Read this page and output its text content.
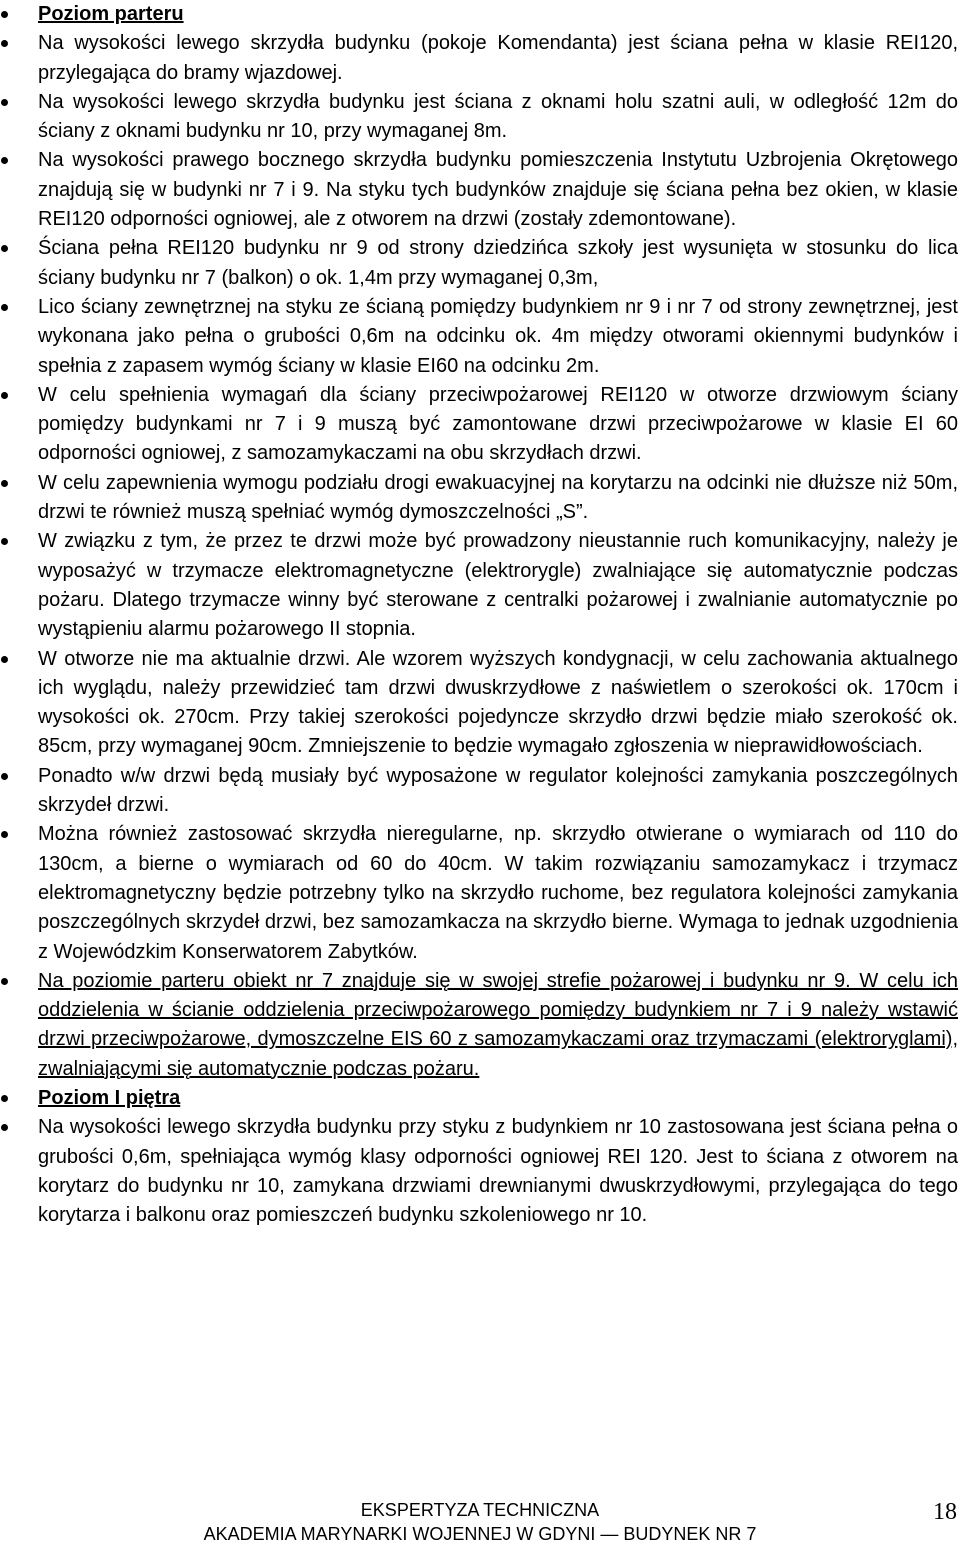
Poziom parteru
Na wysokości lewego skrzydła budynku (pokoje Komendanta) jest ściana pełna w klasie REI120, przylegająca do bramy wjazdowej.
Na wysokości lewego skrzydła budynku jest ściana z oknami holu szatni auli, w odległość 12m do ściany z oknami budynku nr 10, przy wymaganej 8m.
Na wysokości prawego bocznego skrzydła budynku pomieszczenia Instytutu Uzbrojenia Okrętowego znajdują się w budynki nr 7 i 9. Na styku tych budynków znajduje się ściana pełna bez okien, w klasie REI120 odporności ogniowej, ale z otworem na drzwi (zostały zdemontowane).
Ściana pełna REI120 budynku nr 9 od strony dziedzińca szkoły jest wysunięta w stosunku do lica ściany budynku nr 7 (balkon) o ok. 1,4m przy wymaganej 0,3m,
Lico ściany zewnętrznej na styku ze ścianą pomiędzy budynkiem nr 9 i nr 7 od strony zewnętrznej, jest wykonana jako pełna o grubości 0,6m na odcinku ok. 4m między otworami okiennymi budynków i spełnia z zapasem wymóg ściany w klasie EI60 na odcinku 2m.
W celu spełnienia wymagań dla ściany przeciwpożarowej REI120 w otworze drzwiowym ściany pomiędzy budynkami nr 7 i 9 muszą być zamontowane drzwi przeciwpożarowe w klasie EI 60 odporności ogniowej, z samozamykaczami na obu skrzydłach drzwi.
W celu zapewnienia wymogu podziału drogi ewakuacyjnej na korytarzu na odcinki nie dłuższe niż 50m, drzwi te również muszą spełniać wymóg dymoszczelności „S”.
W związku z tym, że przez te drzwi może być prowadzony nieustannie ruch komunikacyjny, należy je wyposażyć w trzymacze elektromagnetyczne (elektrorygle) zwalniające się automatycznie podczas pożaru. Dlatego trzymacze winny być sterowane z centralki pożarowej i zwalnianie automatycznie po wystąpieniu alarmu pożarowego II stopnia.
W otworze nie ma aktualnie drzwi. Ale wzorem wyższych kondygnacji, w celu zachowania aktualnego ich wyglądu, należy przewidzieć tam drzwi dwuskrzydłowe z naświetlem o szerokości ok. 170cm i wysokości ok. 270cm. Przy takiej szerokości pojedyncze skrzydło drzwi będzie miało szerokość ok. 85cm, przy wymaganej 90cm. Zmniejszenie to będzie wymagało zgłoszenia w nieprawidłowościach.
Ponadto w/w drzwi będą musiały być wyposażone w regulator kolejności zamykania poszczególnych skrzydeł drzwi.
Można również zastosować skrzydła nieregularne, np. skrzydło otwierane o wymiarach od 110 do 130cm, a bierne o wymiarach od 60 do 40cm. W takim rozwiązaniu samozamykacz i trzymacz elektromagnetyczny będzie potrzebny tylko na skrzydło ruchome, bez regulatora kolejności zamykania poszczególnych skrzydeł drzwi, bez samozamkacza na skrzydło bierne. Wymaga to jednak uzgodnienia z Wojewódzkim Konserwatorem Zabytków.
Na poziomie parteru obiekt nr 7 znajduje się w swojej strefie pożarowej i budynku nr 9. W celu ich oddzielenia w ścianie oddzielenia przeciwpożarowego pomiędzy budynkiem nr 7 i 9 należy wstawić drzwi przeciwpożarowe, dymoszczelne EIS 60 z samozamykaczami oraz trzymaczami (elektroryglami), zwalniającymi się automatycznie podczas pożaru.
Poziom I piętra
Na wysokości lewego skrzydła budynku przy styku z budynkiem nr 10 zastosowana jest ściana pełna o grubości 0,6m, spełniająca wymóg klasy odporności ogniowej REI 120. Jest to ściana z otworem na korytarz do budynku nr 10, zamykana drzwiami drewnianymi dwuskrzydłowymi, przylegająca do tego korytarza i balkonu oraz pomieszczeń budynku szkoleniowego nr 10.
EKSPERTYZA TECHNICZNA
AKADEMIA MARYNARKI WOJENNEJ W GDYNI — BUDYNEK NR 7
18
